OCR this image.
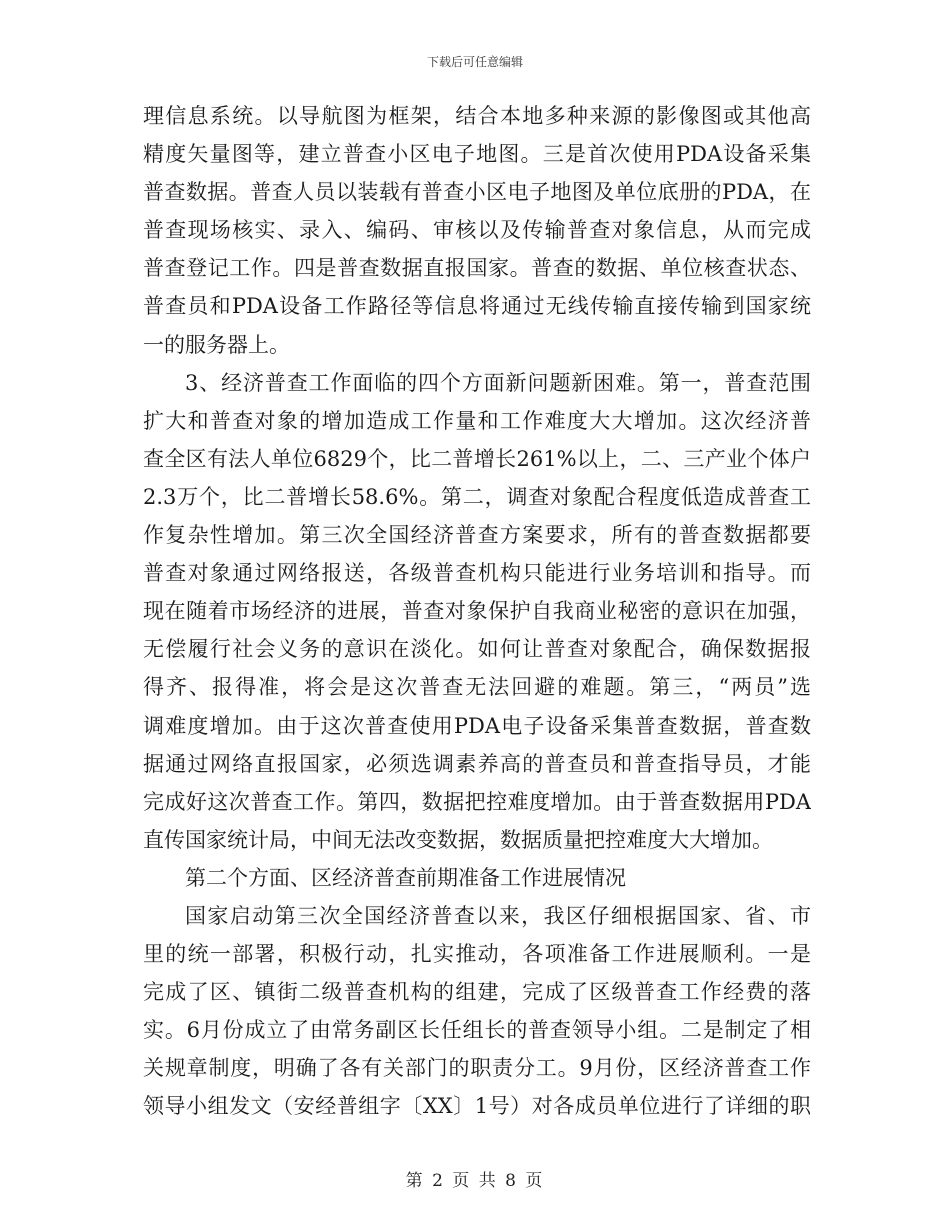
下载后可任意编辑
理信息系统。以导航图为框架，结合本地多种来源的影像图或其他高
精度矢量图等，建立普查小区电子地图。三是首次使用PDA设备采集
普查数据。普查人员以装载有普查小区电子地图及单位底册的PDA，在
普查现场核实、录入、编码、审核以及传输普查对象信息，从而完成
普查登记工作。四是普查数据直报国家。普查的数据、单位核查状态、
普查员和PDA设备工作路径等信息将通过无线传输直接传输到国家统
一的服务器上。
3、经济普查工作面临的四个方面新问题新困难。第一，普查范围
扩大和普查对象的增加造成工作量和工作难度大大增加。这次经济普
查全区有法人单位6829个，比二普增长261%以上，二、三产业个体户
2.3万个，比二普增长58.6%。第二，调查对象配合程度低造成普查工
作复杂性增加。第三次全国经济普查方案要求，所有的普查数据都要
普查对象通过网络报送，各级普查机构只能进行业务培训和指导。而
现在随着市场经济的进展，普查对象保护自我商业秘密的意识在加强，
无偿履行社会义务的意识在淡化。如何让普查对象配合，确保数据报
得齐、报得准，将会是这次普查无法回避的难题。第三，“两员”选
调难度增加。由于这次普查使用PDA电子设备采集普查数据，普查数
据通过网络直报国家，必须选调素养高的普查员和普查指导员，才能
完成好这次普查工作。第四，数据把控难度增加。由于普查数据用PDA
直传国家统计局，中间无法改变数据，数据质量把控难度大大增加。
第二个方面、区经济普查前期准备工作进展情况
国家启动第三次全国经济普查以来，我区仔细根据国家、省、市
里的统一部署，积极行动，扎实推动，各项准备工作进展顺利。一是
完成了区、镇街二级普查机构的组建，完成了区级普查工作经费的落
实。6月份成立了由常务副区长任组长的普查领导小组。二是制定了相
关规章制度，明确了各有关部门的职责分工。9月份，区经济普查工作
领导小组发文（安经普组字〔XX〕1号）对各成员单位进行了详细的职
第 2 页 共 8 页
